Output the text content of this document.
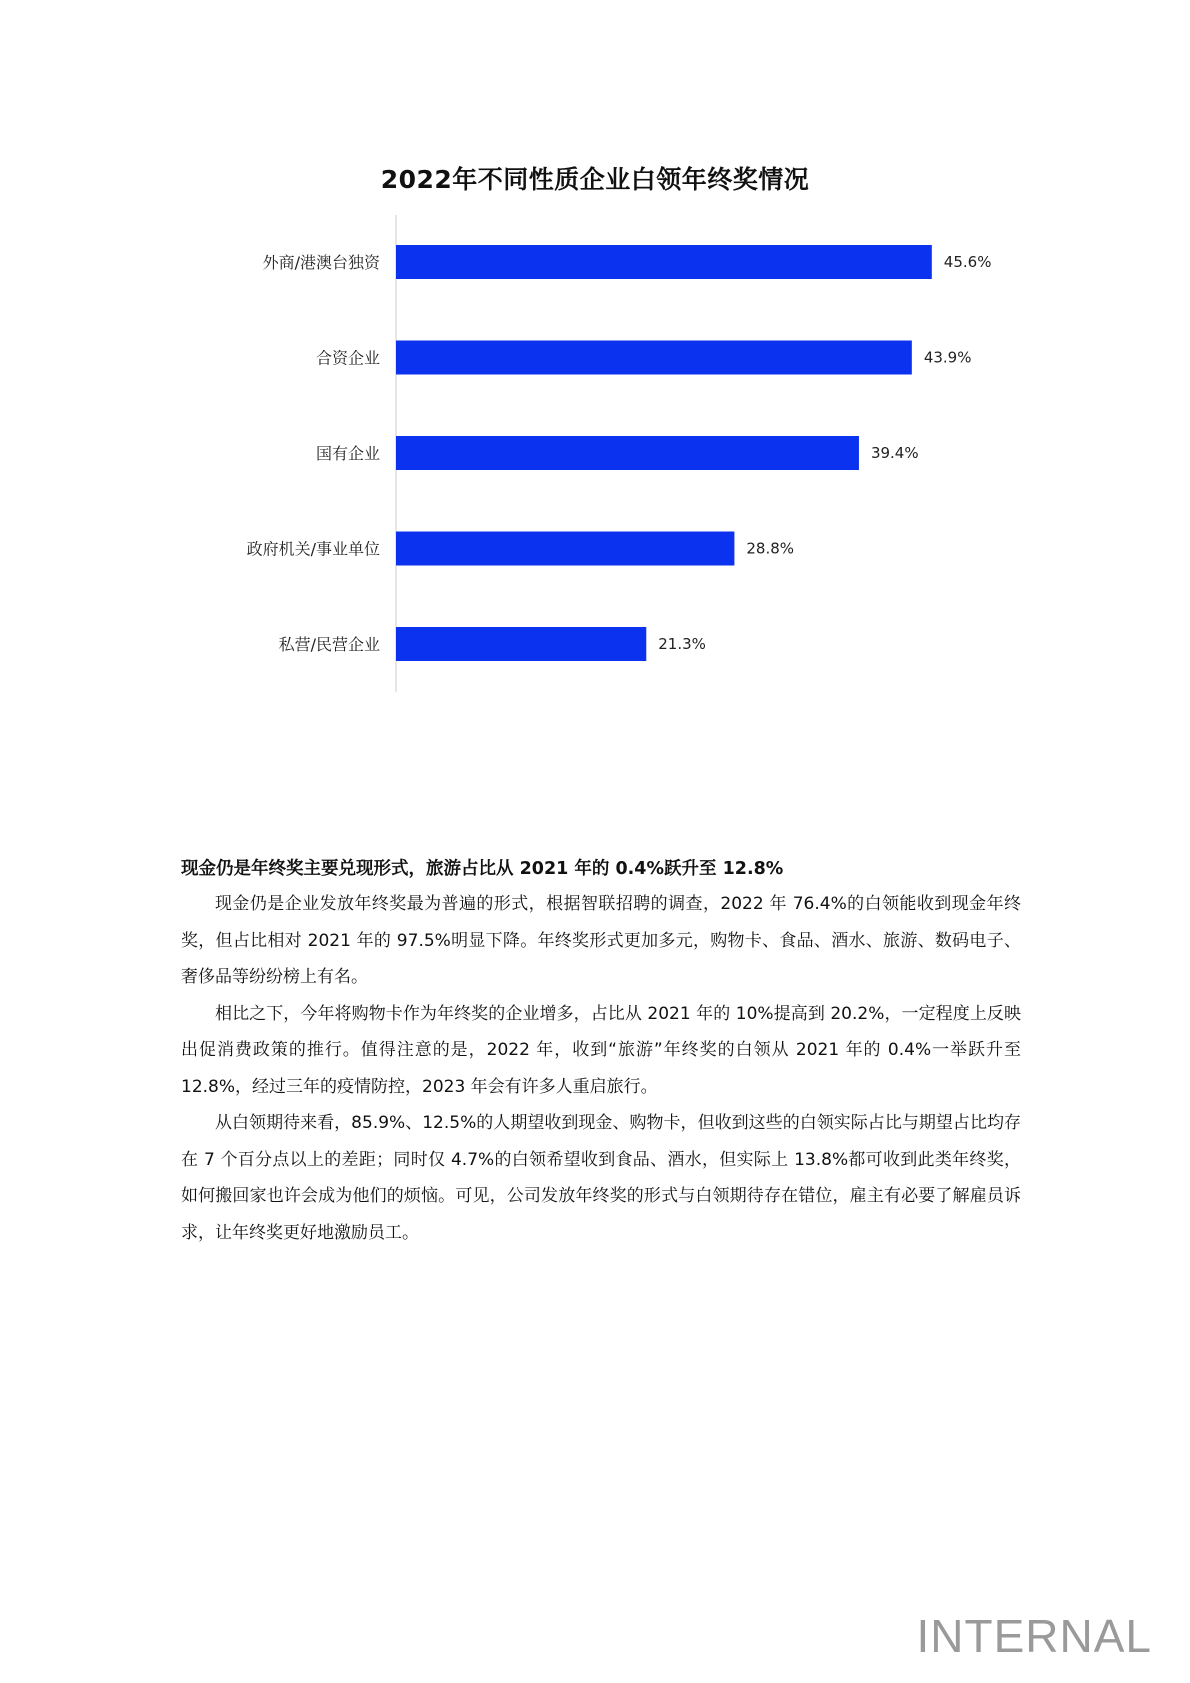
2022年不同性质企业白领年终奖情况
外商/港澳台独资	45.6%
合资企业	43.9%
国有企业	39.4%
政府机关/事业单位	28.8%
私营/民营企业	21.3%

现金仍是年终奖主要兑现形式，旅游占比从 2021 年的 0.4%跃升至 12.8%

现金仍是企业发放年终奖最为普遍的形式，根据智联招聘的调查，2022 年 76.4%的白领能收到现金年终奖，但占比相对 2021 年的 97.5%明显下降。年终奖形式更加多元，购物卡、食品、酒水、旅游、数码电子、奢侈品等纷纷榜上有名。

相比之下，今年将购物卡作为年终奖的企业增多，占比从 2021 年的 10%提高到 20.2%，一定程度上反映出促消费政策的推行。值得注意的是，2022 年，收到“旅游”年终奖的白领从 2021 年的 0.4%一举跃升至 12.8%，经过三年的疫情防控，2023 年会有许多人重启旅行。

从白领期待来看，85.9%、12.5%的人期望收到现金、购物卡，但收到这些的白领实际占比与期望占比均存在 7 个百分点以上的差距；同时仅 4.7%的白领希望收到食品、酒水，但实际上 13.8%都可收到此类年终奖，如何搬回家也许会成为他们的烦恼。可见，公司发放年终奖的形式与白领期待存在错位，雇主有必要了解雇员诉求，让年终奖更好地激励员工。

INTERNAL
